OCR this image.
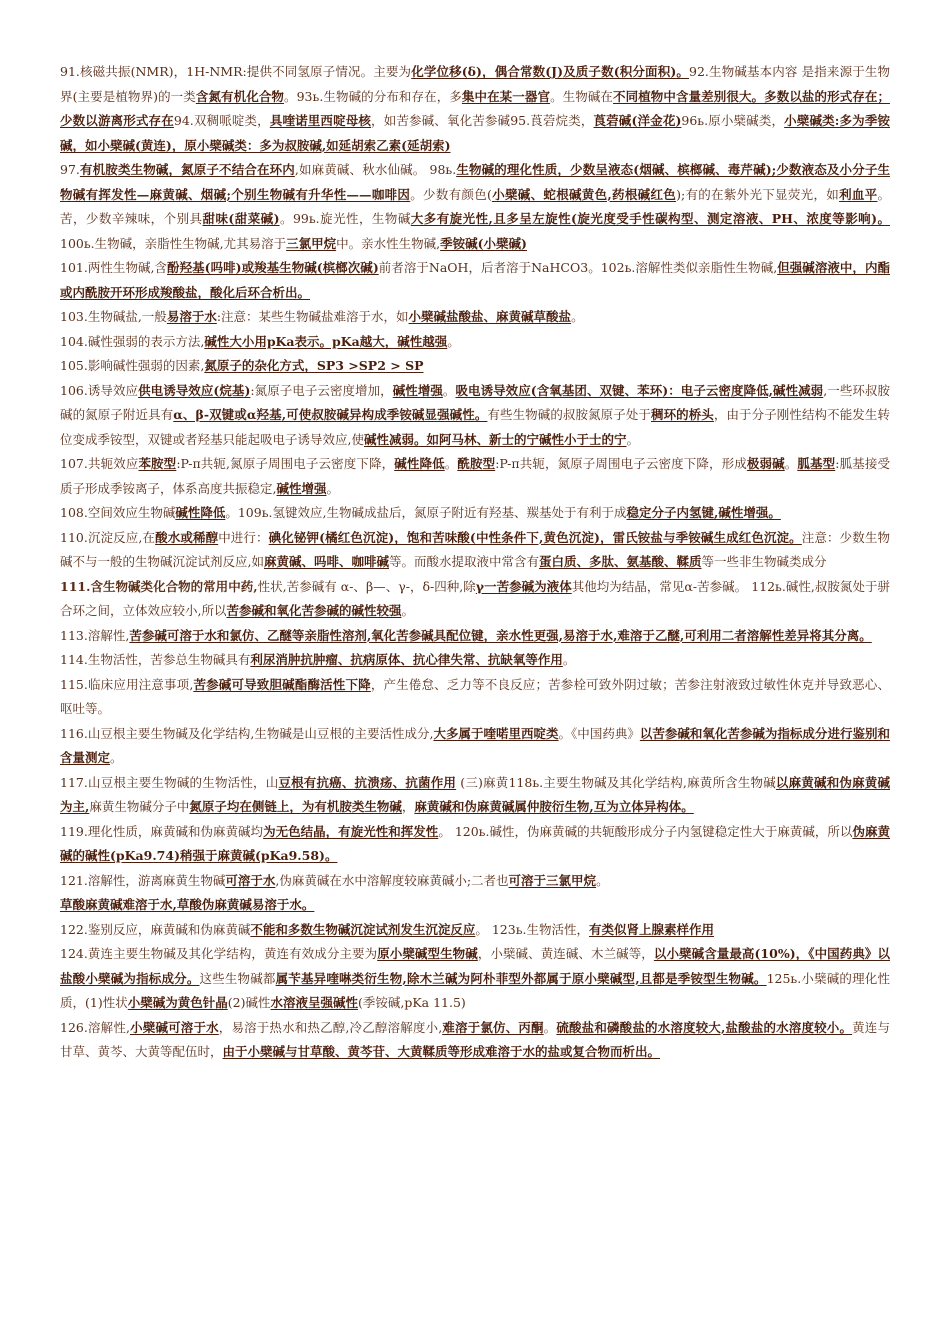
91.核磁共振(NMR)，1H-NMR:提供不同氢原子情况。主要为化学位移(δ)，偶合常数(J)及质子数(积分面积)。92.生物碱基本内容 是指来源于生物界(主要是植物界)的一类含氮有机化合物。93ь.生物碱的分布和存在，多集中在某一器官。生物碱在不同植物中含量差别很大。多数以盐的形式存在；少数以游离形式存在94.双稠哌啶类，具喹诺里西啶母核，如苦参碱、氧化苦参碱95.莨菪烷类，莨菪碱(洋金花)96ь.原小檗碱类，小檗碱类:多为季铵碱，如小檗碱(黄连)，原小檗碱类：多为叔胺碱,如延胡索乙素(延胡索)

97.有机胺类生物碱，氮原子不结合在环内,如麻黄碱、秋水仙碱。 98ь.生物碱的理化性质，少数呈液态(烟碱、槟榔碱、毒芹碱);少数液态及小分子生物碱有挥发性—麻黄碱、烟碱;个别生物碱有升华性——咖啡因。少数有颜色(小檗碱、蛇根碱黄色,药根碱红色);有的在紫外光下显荧光，如利血平。苦，少数辛辣味，个别具甜味(甜菜碱)。99ь.旋光性，生物碱大多有旋光性,且多呈左旋性(旋光度受手性碳构型、测定溶液、PH、浓度等影响)。100ь.生物碱，亲脂性生物碱,尤其易溶于三氯甲烷中。亲水性生物碱,季铵碱(小檗碱)

101.两性生物碱,含酚羟基(吗啡)或羧基生物碱(槟榔次碱)前者溶于NaOH，后者溶于NaHCO3。102ь.溶解性类似亲脂性生物碱,但强碱溶液中，内酯或内酰胺开环形成羧酸盐，酸化后环合析出。

103.生物碱盐,一般易溶于水:注意：某些生物碱盐难溶于水，如小檗碱盐酸盐、麻黄碱草酸盐。

104.碱性强弱的表示方法,碱性大小用pKa表示。pKa越大，碱性越强。

105.影响碱性强弱的因素,氮原子的杂化方式，SP3 >SP2 > SP

106.诱导效应供电诱导效应(烷基):氮原子电子云密度增加，碱性增强。吸电诱导效应(含氧基团、双键、苯环)：电子云密度降低,碱性减弱,一些环叔胺碱的氮原子附近具有α、β-双键或α羟基,可使叔胺碱异构成季铵碱显强碱性。有些生物碱的叔胺氮原子处于稠环的桥头，由于分子刚性结构不能发生转位变成季铵型，双键或者羟基只能起吸电子诱导效应,使碱性减弱。如阿马林、新士的宁碱性小于士的宁。

107.共轭效应苯胺型:P-π共轭,氮原子周围电子云密度下降，碱性降低。酰胺型:P-π共轭，氮原子周围电子云密度下降，形成极弱碱。胍基型:胍基接受质子形成季铵离子，体系高度共振稳定,碱性增强。

108.空间效应生物碱碱性降低。109ь.氢键效应,生物碱成盐后，氮原子附近有羟基、羰基处于有利于成稳定分子内氢键,碱性增强。

110.沉淀反应,在酸水或稀醇中进行：碘化铋钾(橘红色沉淀)，饱和苦味酸(中性条件下,黄色沉淀)，雷氏铵盐与季铵碱生成红色沉淀。注意：少数生物碱不与一般的生物碱沉淀试剂反应,如麻黄碱、吗啡、咖啡碱等。而酸水提取液中常含有蛋白质、多肽、氨基酸、鞣质等一些非生物碱类成分

111.含生物碱类化合物的常用中药,性状,苦参碱有 α-、β—、γ-，δ-四种,除γ一苦参碱为液体其他均为结晶，常见α-苦参碱。 112ь.碱性,叔胺氮处于骈合环之间，立体效应较小,所以苦参碱和氧化苦参碱的碱性较强。

113.溶解性,苦参碱可溶于水和氯仿、乙醚等亲脂性溶剂,氧化苦参碱具配位键，亲水性更强,易溶于水,难溶于乙醚,可利用二者溶解性差异将其分离。

114.生物活性，苦参总生物碱具有利尿消肿抗肿瘤、抗病原体、抗心律失常、抗缺氧等作用。

115.临床应用注意事项,苦参碱可导致胆碱酯酶活性下降，产生倦怠、乏力等不良反应；苦参栓可致外阴过敏；苦参注射液致过敏性休克并导致恶心、呕吐等。

116.山豆根主要生物碱及化学结构,生物碱是山豆根的主要活性成分,大多属于喹喏里西啶类。《中国药典》以苦参碱和氧化苦参碱为指标成分进行鉴别和含量测定。

117.山豆根主要生物碱的生物活性，山豆根有抗癌、抗溃疡、抗菌作用 (三)麻黄118ь.主要生物碱及其化学结构,麻黄所含生物碱以麻黄碱和伪麻黄碱为主,麻黄生物碱分子中氮原子均在侧链上，为有机胺类生物碱，麻黄碱和伪麻黄碱属仲胺衍生物,互为立体异构体。

119.理化性质，麻黄碱和伪麻黄碱均为无色结晶，有旋光性和挥发性。 120ь.碱性，伪麻黄碱的共轭酸形成分子内氢键稳定性大于麻黄碱，所以伪麻黄碱的碱性(pKa9.74)稍强于麻黄碱(pKa9.58)。

121.溶解性，游离麻黄生物碱可溶于水,伪麻黄碱在水中溶解度较麻黄碱小;二者也可溶于三氯甲烷。

草酸麻黄碱难溶于水,草酸伪麻黄碱易溶于水。

122.鉴别反应，麻黄碱和伪麻黄碱不能和多数生物碱沉淀试剂发生沉淀反应。 123ь.生物活性，有类似肾上腺素样作用

124.黄连主要生物碱及其化学结构，黄连有效成分主要为原小檗碱型生物碱，小檗碱、黄连碱、木兰碱等，以小檗碱含量最高(10%)，《中国药典》以盐酸小檗碱为指标成分。这些生物碱都属苄基异喹啉类衍生物,除木兰碱为阿朴菲型外都属于原小檗碱型,且都是季铵型生物碱。125ь.小檗碱的理化性质，(1)性状小檗碱为黄色针晶(2)碱性水溶液呈强碱性(季铵碱,pKa 11.5)

126.溶解性,小檗碱可溶于水，易溶于热水和热乙醇,冷乙醇溶解度小,难溶于氯仿、丙酮。硫酸盐和磷酸盐的水溶度较大,盐酸盐的水溶度较小。黄连与甘草、黄芩、大黄等配伍时，由于小檗碱与甘草酸、黄芩苷、大黄鞣质等形成难溶于水的盐或复合物而析出。
